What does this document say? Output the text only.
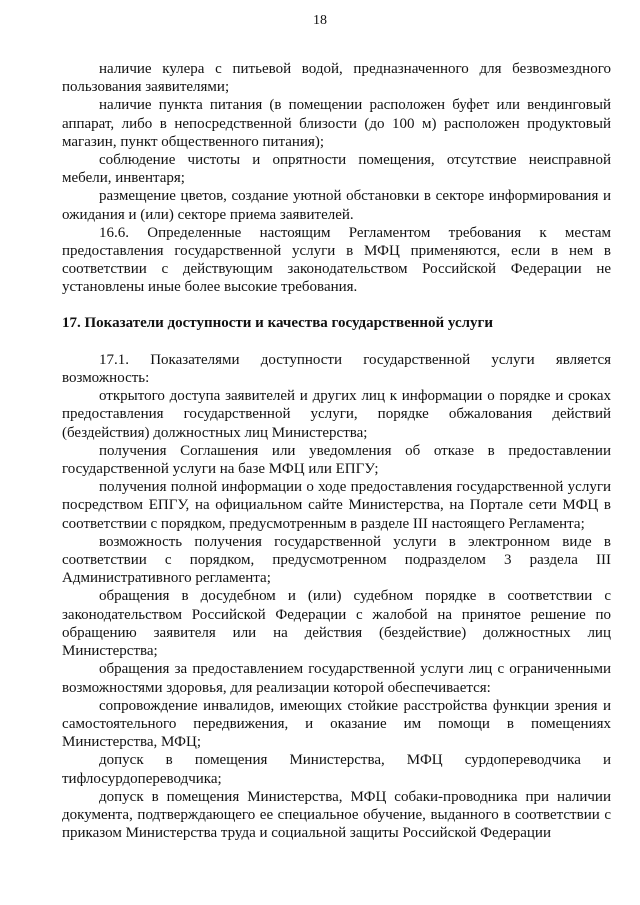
18

наличие кулера с питьевой водой, предназначенного для безвозмездного пользования заявителями;

наличие пункта питания (в помещении расположен буфет или вендинговый аппарат, либо в непосредственной близости (до 100 м) расположен продуктовый магазин, пункт общественного питания);

соблюдение чистоты и опрятности помещения, отсутствие неисправной мебели, инвентаря;

размещение цветов, создание уютной обстановки в секторе информирования и ожидания и (или) секторе приема заявителей.

16.6. Определенные настоящим Регламентом требования к местам предоставления государственной услуги в МФЦ применяются, если в нем в соответствии с действующим законодательством Российской Федерации не установлены иные более высокие требования.

17. Показатели доступности и качества государственной услуги

17.1. Показателями доступности государственной услуги является возможность:

открытого доступа заявителей и других лиц к информации о порядке и сроках предоставления государственной услуги, порядке обжалования действий (бездействия) должностных лиц Министерства;

получения Соглашения или уведомления об отказе в предоставлении государственной услуги на базе МФЦ или ЕПГУ;

получения полной информации о ходе предоставления государственной услуги посредством ЕПГУ, на официальном сайте Министерства, на Портале сети МФЦ в соответствии с порядком, предусмотренным в разделе III настоящего Регламента;

возможность получения государственной услуги в электронном виде в соответствии с порядком, предусмотренном подразделом 3 раздела III Административного регламента;

обращения в досудебном и (или) судебном порядке в соответствии с законодательством Российской Федерации с жалобой на принятое решение по обращению заявителя или на действия (бездействие) должностных лиц Министерства;

обращения за предоставлением государственной услуги лиц с ограниченными возможностями здоровья, для реализации которой обеспечивается:

сопровождение инвалидов, имеющих стойкие расстройства функции зрения и самостоятельного передвижения, и оказание им помощи в помещениях Министерства, МФЦ;

допуск в помещения Министерства, МФЦ сурдопереводчика и тифлосурдопереводчика;

допуск в помещения Министерства, МФЦ собаки-проводника при наличии документа, подтверждающего ее специальное обучение, выданного в соответствии с приказом Министерства труда и социальной защиты Российской Федерации
